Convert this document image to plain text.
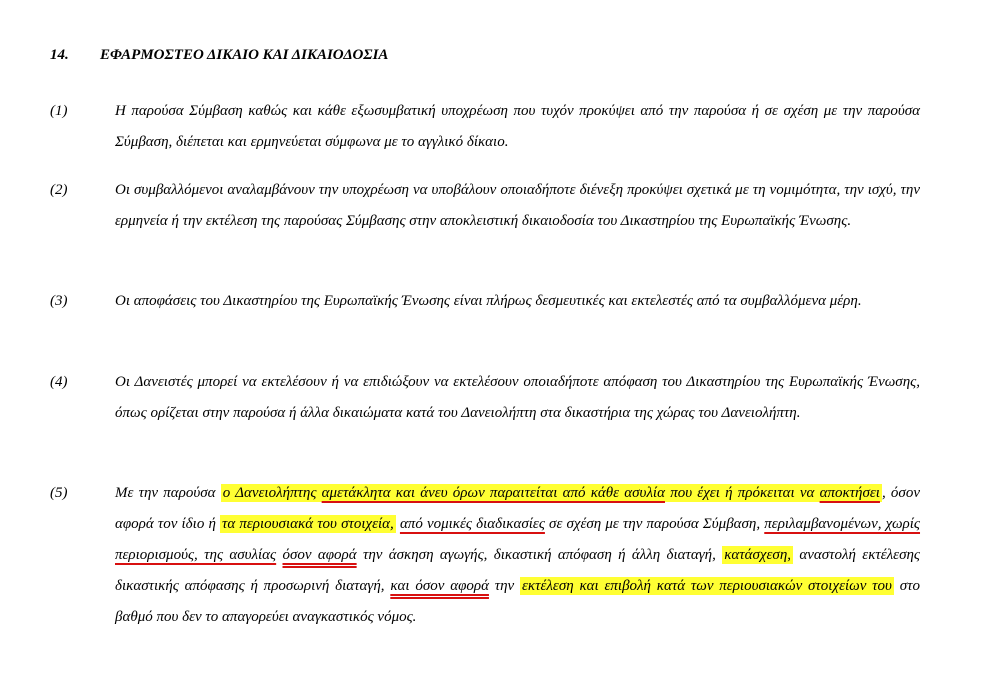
14. ΕΦΑΡΜΟΣΤΕΟ ΔΙΚΑΙΟ ΚΑΙ ΔΙΚΑΙΟΔΟΣΙΑ
(1)	Η παρούσα Σύμβαση καθώς και κάθε εξωσυμβατική υποχρέωση που τυχόν προκύψει από την παρούσα ή σε σχέση με την παρούσα Σύμβαση, διέπεται και ερμηνεύεται σύμφωνα με το αγγλικό δίκαιο.
(2)	Οι συμβαλλόμενοι αναλαμβάνουν την υποχρέωση να υποβάλουν οποιαδήποτε διένεξη προκύψει σχετικά με τη νομιμότητα, την ισχύ, την ερμηνεία ή την εκτέλεση της παρούσας Σύμβασης στην αποκλειστική δικαιοδοσία του Δικαστηρίου της Ευρωπαϊκής Ένωσης.
(3)	Οι αποφάσεις του Δικαστηρίου της Ευρωπαϊκής Ένωσης είναι πλήρως δεσμευτικές και εκτελεστές από τα συμβαλλόμενα μέρη.
(4)	Οι Δανειστές μπορεί να εκτελέσουν ή να επιδιώξουν να εκτελέσουν οποιαδήποτε απόφαση του Δικαστηρίου της Ευρωπαϊκής Ένωσης, όπως ορίζεται στην παρούσα ή άλλα δικαιώματα κατά του Δανειολήπτη στα δικαστήρια της χώρας του Δανειολήπτη.
(5)	Με την παρούσα ο Δανειολήπτης αμετάκλητα και άνευ όρων παραιτείται από κάθε ασυλία που έχει ή πρόκειται να αποκτήσει , όσον αφορά τον ίδιο ή τα περιουσιακά του στοιχεία, από νομικές διαδικασίες σε σχέση με την παρούσα Σύμβαση, περιλαμβανομένων, χωρίς περιορισμούς, της ασυλίας όσον αφορά την άσκηση αγωγής, δικαστική απόφαση ή άλλη διαταγή, κατάσχεση, αναστολή εκτέλεσης δικαστικής απόφασης ή προσωρινή διαταγή, και όσον αφορά την εκτέλεση και επιβολή κατά των περιουσιακών στοιχείων του στο βαθμό που δεν το απαγορεύει αναγκαστικός νόμος.
